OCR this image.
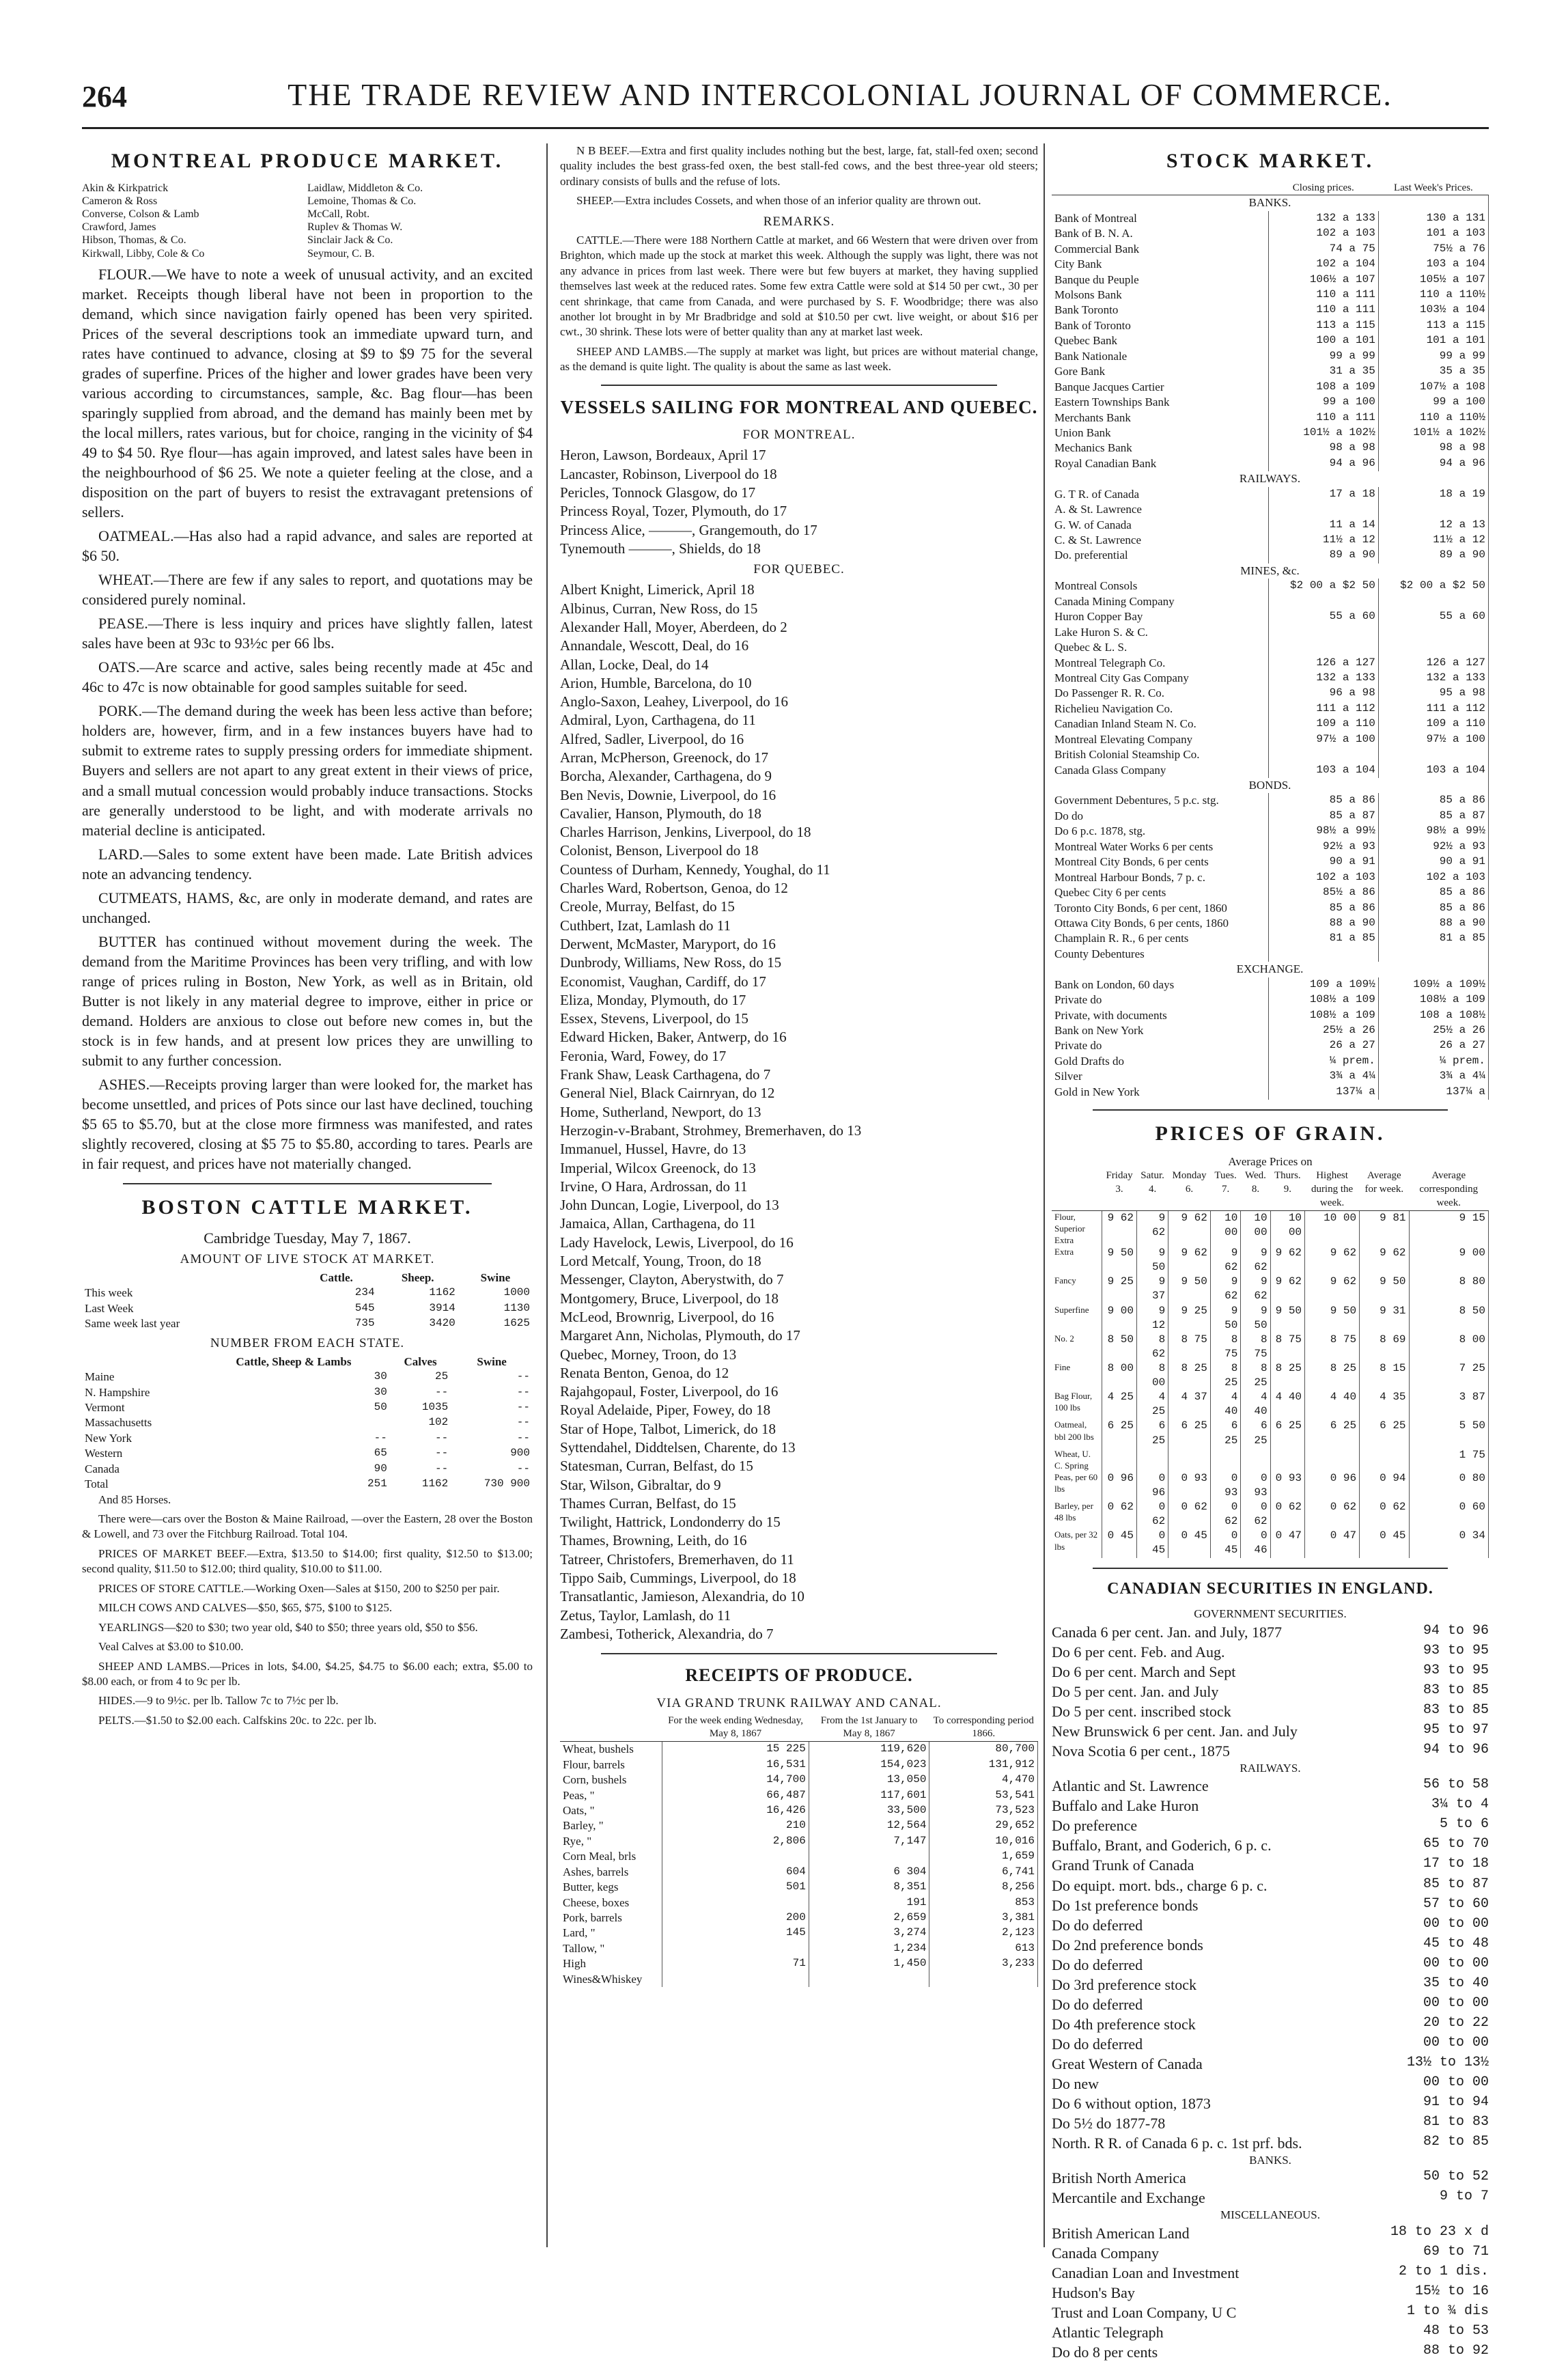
264	THE TRADE REVIEW AND INTERCOLONIAL JOURNAL OF COMMERCE.
MONTREAL PRODUCE MARKET.
Akin & Kirkpatrick	Laidlaw, Middleton & Co.
Cameron & Ross	Lemoine, Thomas & Co.
Converse, Colson & Lamb	McCall, Robt.
Crawford, James	Ruplev & Thomas W.
Hibson, Thomas, & Co.	Sinclair Jack & Co.
Kirkwall, Libby, Cole & Co	Seymour, C. B.

FLOUR.—We have to note a week of unusual activity, and an excited market. Receipts though liberal have not been in proportion to the demand, which since navigation fairly opened has been very spirited. Prices of the several descriptions took an immediate upward turn, and rates have continued to advance, closing at $9 to $9 75 for the several grades of superfine. Prices of the higher and lower grades have been very various according to circumstances, sample, &c. Bag flour—has been sparingly supplied from abroad, and the demand has mainly been met by the local millers, rates various, but for choice, ranging in the vicinity of $4 49 to $4 50. Rye flour—has again improved, and latest sales have been in the neighbourhood of $6 25. We note a quieter feeling at the close, and a disposition on the part of buyers to resist the extravagant pretensions of sellers.

OATMEAL.—Has also had a rapid advance, and sales are reported at $6 50.

WHEAT.—There are few if any sales to report, and quotations may be considered purely nominal.

PEASE.—There is less inquiry and prices have slightly fallen, latest sales have been at 93c to 93½c per 66 lbs.

OATS.—Are scarce and active, sales being recently made at 45c and 46c to 47c is now obtainable for good samples suitable for seed.

PORK.—The demand during the week has been less active than before; holders are, however, firm, and in a few instances buyers have had to submit to extreme rates to supply pressing orders for immediate shipment. Buyers and sellers are not apart to any great extent in their views of price, and a small mutual concession would probably induce transactions. Stocks are generally understood to be light, and with moderate arrivals no material decline is anticipated.

LARD.—Sales to some extent have been made. Late British advices note an advancing tendency.

CUTMEATS, HAMS, &c, are only in moderate demand, and rates are unchanged.

BUTTER has continued without movement during the week. The demand from the Maritime Provinces has been very trifling, and with low range of prices ruling in Boston, New York, as well as in Britain, old Butter is not likely in any material degree to improve, either in price or demand. Holders are anxious to close out before new comes in, but the stock is in few hands, and at present low prices they are unwilling to submit to any further concession.

ASHES.—Receipts proving larger than were looked for, the market has become unsettled, and prices of Pots since our last have declined, touching $5 65 to $5.70, but at the close more firmness was manifested, and rates slightly recovered, closing at $5 75 to $5.80, according to tares. Pearls are in fair request, and prices have not materially changed.

BOSTON CATTLE MARKET.
Cambridge Tuesday, May 7, 1867.
AMOUNT OF LIVE STOCK AT MARKET.
	Cattle.	Sheep.	Swine
This week	234	1162	1000
Last Week	545	3914	1130
Same week last year	735	3420	1625
NUMBER FROM EACH STATE.
	Cattle, Sheep & Lambs	Calves	Swine
Maine	30	25	--
N. Hampshire	30	--	--
Vermont	50	1035	--
Massachusetts		102	--
New York	--	--	--
Western	65	--	900
Canada	90	--	--
Total	251	1162	730 900

And 85 Horses.

There were—cars over the Boston & Maine Railroad, —over the Eastern, 28 over the Boston & Lowell, and 73 over the Fitchburg Railroad. Total 104.

PRICES OF MARKET BEEF.—Extra, $13.50 to $14.00; first quality, $12.50 to $13.00; second quality, $11.50 to $12.00; third quality, $10.00 to $11.00.

PRICES OF STORE CATTLE.—Working Oxen—Sales at $150, 200 to $250 per pair.

MILCH COWS AND CALVES—$50, $65, $75, $100 to $125.

YEARLINGS—$20 to $30; two year old, $40 to $50; three years old, $50 to $56.

Veal Calves at $3.00 to $10.00.

SHEEP AND LAMBS.—Prices in lots, $4.00, $4.25, $4.75 to $6.00 each; extra, $5.00 to $8.00 each, or from 4 to 9c per lb.

HIDES.—9 to 9½c. per lb. Tallow 7c to 7½c per lb.

PELTS.—$1.50 to $2.00 each. Calfskins 20c. to 22c. per lb.

N B BEEF.—Extra and first quality includes nothing but the best, large, fat, stall-fed oxen; second quality includes the best grass-fed oxen, the best stall-fed cows, and the best three-year old steers; ordinary consists of bulls and the refuse of lots.

SHEEP.—Extra includes Cossets, and when those of an inferior quality are thrown out.

REMARKS.

CATTLE.—There were 188 Northern Cattle at market, and 66 Western that were driven over from Brighton, which made up the stock at market this week. Although the supply was light, there was not any advance in prices from last week. There were but few buyers at market, they having supplied themselves last week at the reduced rates. Some few extra Cattle were sold at $14 50 per cwt., 30 per cent shrinkage, that came from Canada, and were purchased by S. F. Woodbridge; there was also another lot brought in by Mr Bradbridge and sold at $10.50 per cwt. live weight, or about $16 per cwt., 30 shrink. These lots were of better quality than any at market last week.

SHEEP AND LAMBS.—The supply at market was light, but prices are without material change, as the demand is quite light. The quality is about the same as last week.

VESSELS SAILING FOR MONTREAL AND QUEBEC.
FOR MONTREAL.
Heron, Lawson, Bordeaux, April 17
Lancaster, Robinson, Liverpool do 18
Pericles, Tonnock Glasgow, do 17
Princess Royal, Tozer, Plymouth, do 17
Princess Alice, ———, Grangemouth, do 17
Tynemouth ———, Shields, do 18
FOR QUEBEC.
Albert Knight, Limerick, April 18
Albinus, Curran, New Ross, do 15
Alexander Hall, Moyer, Aberdeen, do 2
Annandale, Wescott, Deal, do 16
Allan, Locke, Deal, do 14
Arion, Humble, Barcelona, do 10
Anglo-Saxon, Leahey, Liverpool, do 16
Admiral, Lyon, Carthagena, do 11
Alfred, Sadler, Liverpool, do 16
Arran, McPherson, Greenock, do 17
Borcha, Alexander, Carthagena, do 9
Ben Nevis, Downie, Liverpool, do 16
Cavalier, Hanson, Plymouth, do 18
Charles Harrison, Jenkins, Liverpool, do 18
Colonist, Benson, Liverpool do 18
Countess of Durham, Kennedy, Youghal, do 11
Charles Ward, Robertson, Genoa, do 12
Creole, Murray, Belfast, do 15
Cuthbert, Izat, Lamlash do 11
Derwent, McMaster, Maryport, do 16
Dunbrody, Williams, New Ross, do 15
Economist, Vaughan, Cardiff, do 17
Eliza, Monday, Plymouth, do 17
Essex, Stevens, Liverpool, do 15
Edward Hicken, Baker, Antwerp, do 16
Feronia, Ward, Fowey, do 17
Frank Shaw, Leask Carthagena, do 7
General Niel, Black Cairnryan, do 12
Home, Sutherland, Newport, do 13
Herzogin-v-Brabant, Strohmey, Bremerhaven, do 13
Immanuel, Hussel, Havre, do 13
Imperial, Wilcox Greenock, do 13
Irvine, O Hara, Ardrossan, do 11
John Duncan, Logie, Liverpool, do 13
Jamaica, Allan, Carthagena, do 11
Lady Havelock, Lewis, Liverpool, do 16
Lord Metcalf, Young, Troon, do 18
Messenger, Clayton, Aberystwith, do 7
Montgomery, Bruce, Liverpool, do 18
McLeod, Brownrig, Liverpool, do 16
Margaret Ann, Nicholas, Plymouth, do 17
Quebec, Morney, Troon, do 13
Renata Benton, Genoa, do 12
Rajahgopaul, Foster, Liverpool, do 16
Royal Adelaide, Piper, Fowey, do 18
Star of Hope, Talbot, Limerick, do 18
Syttendahel, Diddtelsen, Charente, do 13
Statesman, Curran, Belfast, do 15
Star, Wilson, Gibraltar, do 9
Thames Curran, Belfast, do 15
Twilight, Hattrick, Londonderry do 15
Thames, Browning, Leith, do 16
Tatreer, Christofers, Bremerhaven, do 11
Tippo Saib, Cummings, Liverpool, do 18
Transatlantic, Jamieson, Alexandria, do 10
Zetus, Taylor, Lamlash, do 11
Zambesi, Totherick, Alexandria, do 7
RECEIPTS OF PRODUCE.
VIA GRAND TRUNK RAILWAY AND CANAL.
	For the week ending Wednesday, May 8, 1867	From the 1st January to May 8, 1867	To corresponding period 1866.
Wheat, bushels	15 225	119,620	80,700
Flour, barrels	16,531	154,023	131,912
Corn, bushels	14,700	13,050	4,470
Peas, "	66,487	117,601	53,541
Oats, "	16,426	33,500	73,523
Barley, "	210	12,564	29,652
Rye, "	2,806	7,147	10,016
Corn Meal, brls			1,659
Ashes, barrels	604	6 304	6,741
Butter, kegs	501	8,351	8,256
Cheese, boxes		191	853
Pork, barrels	200	2,659	3,381
Lard, "	145	3,274	2,123
Tallow, "		1,234	613
High Wines&Whiskey	71	1,450	3,233
STOCK MARKET.
	Closing prices.	Last Week's Prices.
BANKS.		
Bank of Montreal	132 a 133	130 a 131
Bank of B. N. A.	102 a 103	101 a 103
Commercial Bank	74 a 75	75½ a 76
City Bank	102 a 104	103 a 104
Banque du Peuple	106½ a 107	105½ a 107
Molsons Bank	110 a 111	110 a 110½
Bank Toronto	110 a 111	103½ a 104
Bank of Toronto	113 a 115	113 a 115
Quebec Bank	100 a 101	101 a 101
Bank Nationale	99 a 99	99 a 99
Gore Bank	31 a 35	35 a 35
Banque Jacques Cartier	108 a 109	107½ a 108
Eastern Townships Bank	99 a 100	99 a 100
Merchants Bank	110 a 111	110 a 110½
Union Bank	101½ a 102½	101½ a 102½
Mechanics Bank	98 a 98	98 a 98
Royal Canadian Bank	94 a 96	94 a 96
RAILWAYS.		
G. T R. of Canada	17 a 18	18 a 19
A. & St. Lawrence		
G. W. of Canada	11 a 14	12 a 13
C. & St. Lawrence	11½ a 12	11½ a 12
Do. preferential	89 a 90	89 a 90
MINES, &c.		
Montreal Consols	$2 00 a $2 50	$2 00 a $2 50
Canada Mining Company		
Huron Copper Bay	55 a 60	55 a 60
Lake Huron S. & C.		
Quebec & L. S.		
Montreal Telegraph Co.	126 a 127	126 a 127
Montreal City Gas Company	132 a 133	132 a 133
Do Passenger R. R. Co.	96 a 98	95 a 98
Richelieu Navigation Co.	111 a 112	111 a 112
Canadian Inland Steam N. Co.	109 a 110	109 a 110
Montreal Elevating Company	97½ a 100	97½ a 100
British Colonial Steamship Co.		
Canada Glass Company	103 a 104	103 a 104
BONDS.		
Government Debentures, 5 p.c. stg.	85 a 86	85 a 86
Do do	85 a 87	85 a 87
Do 6 p.c. 1878, stg.	98½ a 99½	98½ a 99½
Montreal Water Works 6 per cents	92½ a 93	92½ a 93
Montreal City Bonds, 6 per cents	90 a 91	90 a 91
Montreal Harbour Bonds, 7 p. c.	102 a 103	102 a 103
Quebec City 6 per cents	85½ a 86	85 a 86
Toronto City Bonds, 6 per cent, 1860	85 a 86	85 a 86
Ottawa City Bonds, 6 per cents, 1860	88 a 90	88 a 90
Champlain R. R., 6 per cents	81 a 85	81 a 85
County Debentures		
EXCHANGE.		
Bank on London, 60 days	109 a 109½	109½ a 109½
Private do	108½ a 109	108½ a 109
Private, with documents	108½ a 109	108 a 108½
Bank on New York	25½ a 26	25½ a 26
Private do	26 a 27	26 a 27
Gold Drafts do	¼ prem.	¼ prem.
Silver	3¾ a 4¼	3¾ a 4¼
Gold in New York	137¼ a	137¼ a
PRICES OF GRAIN.
Average Prices on
	Friday 3.	Satur. 4.	Monday 6.	Tues. 7.	Wed. 8.	Thurs. 9.	Highest during the week.	Average for week.	Average corresponding week.
Flour, Superior Extra	9 62	9 62	9 62	10 00	10 00	10 00	10 00	9 81	9 15
Extra	9 50	9 50	9 62	9 62	9 62	9 62	9 62	9 62	9 00
Fancy	9 25	9 37	9 50	9 62	9 62	9 62	9 62	9 50	8 80
Superfine	9 00	9 12	9 25	9 50	9 50	9 50	9 50	9 31	8 50
No. 2	8 50	8 62	8 75	8 75	8 75	8 75	8 75	8 69	8 00
Fine	8 00	8 00	8 25	8 25	8 25	8 25	8 25	8 15	7 25
Bag Flour, 100 lbs	4 25	4 25	4 37	4 40	4 40	4 40	4 40	4 35	3 87
Oatmeal, bbl 200 lbs	6 25	6 25	6 25	6 25	6 25	6 25	6 25	6 25	5 50
Wheat, U. C. Spring									1 75
Peas, per 60 lbs	0 96	0 96	0 93	0 93	0 93	0 93	0 96	0 94	0 80
Barley, per 48 lbs	0 62	0 62	0 62	0 62	0 62	0 62	0 62	0 62	0 60
Oats, per 32 lbs	0 45	0 45	0 45	0 45	0 46	0 47	0 47	0 45	0 34
CANADIAN SECURITIES IN ENGLAND.
GOVERNMENT SECURITIES.
Canada 6 per cent. Jan. and July, 1877	94 to 96
Do 6 per cent. Feb. and Aug.	93 to 95
Do 6 per cent. March and Sept	93 to 95
Do 5 per cent. Jan. and July	83 to 85
Do 5 per cent. inscribed stock	83 to 85
New Brunswick 6 per cent. Jan. and July	95 to 97
Nova Scotia 6 per cent., 1875	94 to 96
RAILWAYS.
Atlantic and St. Lawrence	56 to 58
Buffalo and Lake Huron	3¼ to 4
Do preference	5 to 6
Buffalo, Brant, and Goderich, 6 p. c.	65 to 70
Grand Trunk of Canada	17 to 18
Do equipt. mort. bds., charge 6 p. c.	85 to 87
Do 1st preference bonds	57 to 60
Do do deferred	00 to 00
Do 2nd preference bonds	45 to 48
Do do deferred	00 to 00
Do 3rd preference stock	35 to 40
Do do deferred	00 to 00
Do 4th preference stock	20 to 22
Do do deferred	00 to 00
Great Western of Canada	13½ to 13½
Do new	00 to 00
Do 6 without option, 1873	91 to 94
Do 5½ do 1877-78	81 to 83
North. R R. of Canada 6 p. c. 1st prf. bds.	82 to 85
BANKS.
British North America	50 to 52
Mercantile and Exchange	9 to 7
MISCELLANEOUS.
British American Land	18 to 23 x d
Canada Company	69 to 71
Canadian Loan and Investment	2 to 1 dis.
Hudson's Bay	15½ to 16
Trust and Loan Company, U C	1 to ¾ dis
Atlantic Telegraph	48 to 53
Do do 8 per cents	88 to 92
